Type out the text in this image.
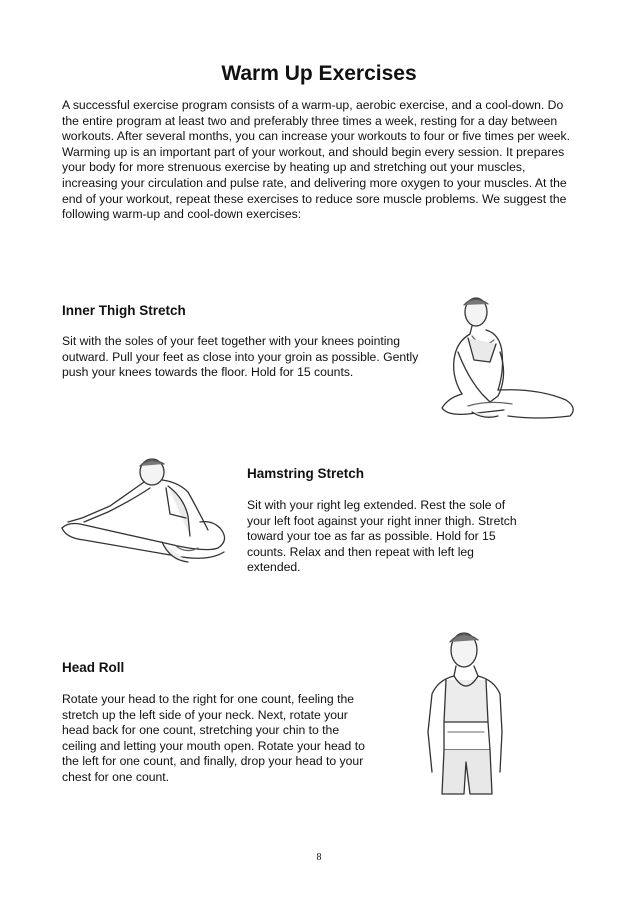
Warm Up Exercises

A successful exercise program consists of a warm-up, aerobic exercise, and a cool-down. Do the entire program at least two and preferably three times a week, resting for a day between workouts. After several months, you can increase your workouts to four or five times per week.

Warming up is an important part of your workout, and should begin every session. It prepares your body for more strenuous exercise by heating up and stretching out your muscles, increasing your circulation and pulse rate, and delivering more oxygen to your muscles. At the end of your workout, repeat these exercises to reduce sore muscle problems. We suggest the following warm-up and cool-down exercises:

Inner Thigh Stretch

Sit with the soles of your feet together with your knees pointing outward. Pull your feet as close into your groin as possible. Gently push your knees towards the floor. Hold for 15 counts.

Hamstring Stretch

Sit with your right leg extended. Rest the sole of your left foot against your right inner thigh. Stretch toward your toe as far as possible. Hold for 15 counts. Relax and then repeat with left leg extended.

Head Roll

Rotate your head to the right for one count, feeling the stretch up the left side of your neck. Next, rotate your head back for one count, stretching your chin to the ceiling and letting your mouth open. Rotate your head to the left for one count, and finally, drop your head to your chest for one count.

8
